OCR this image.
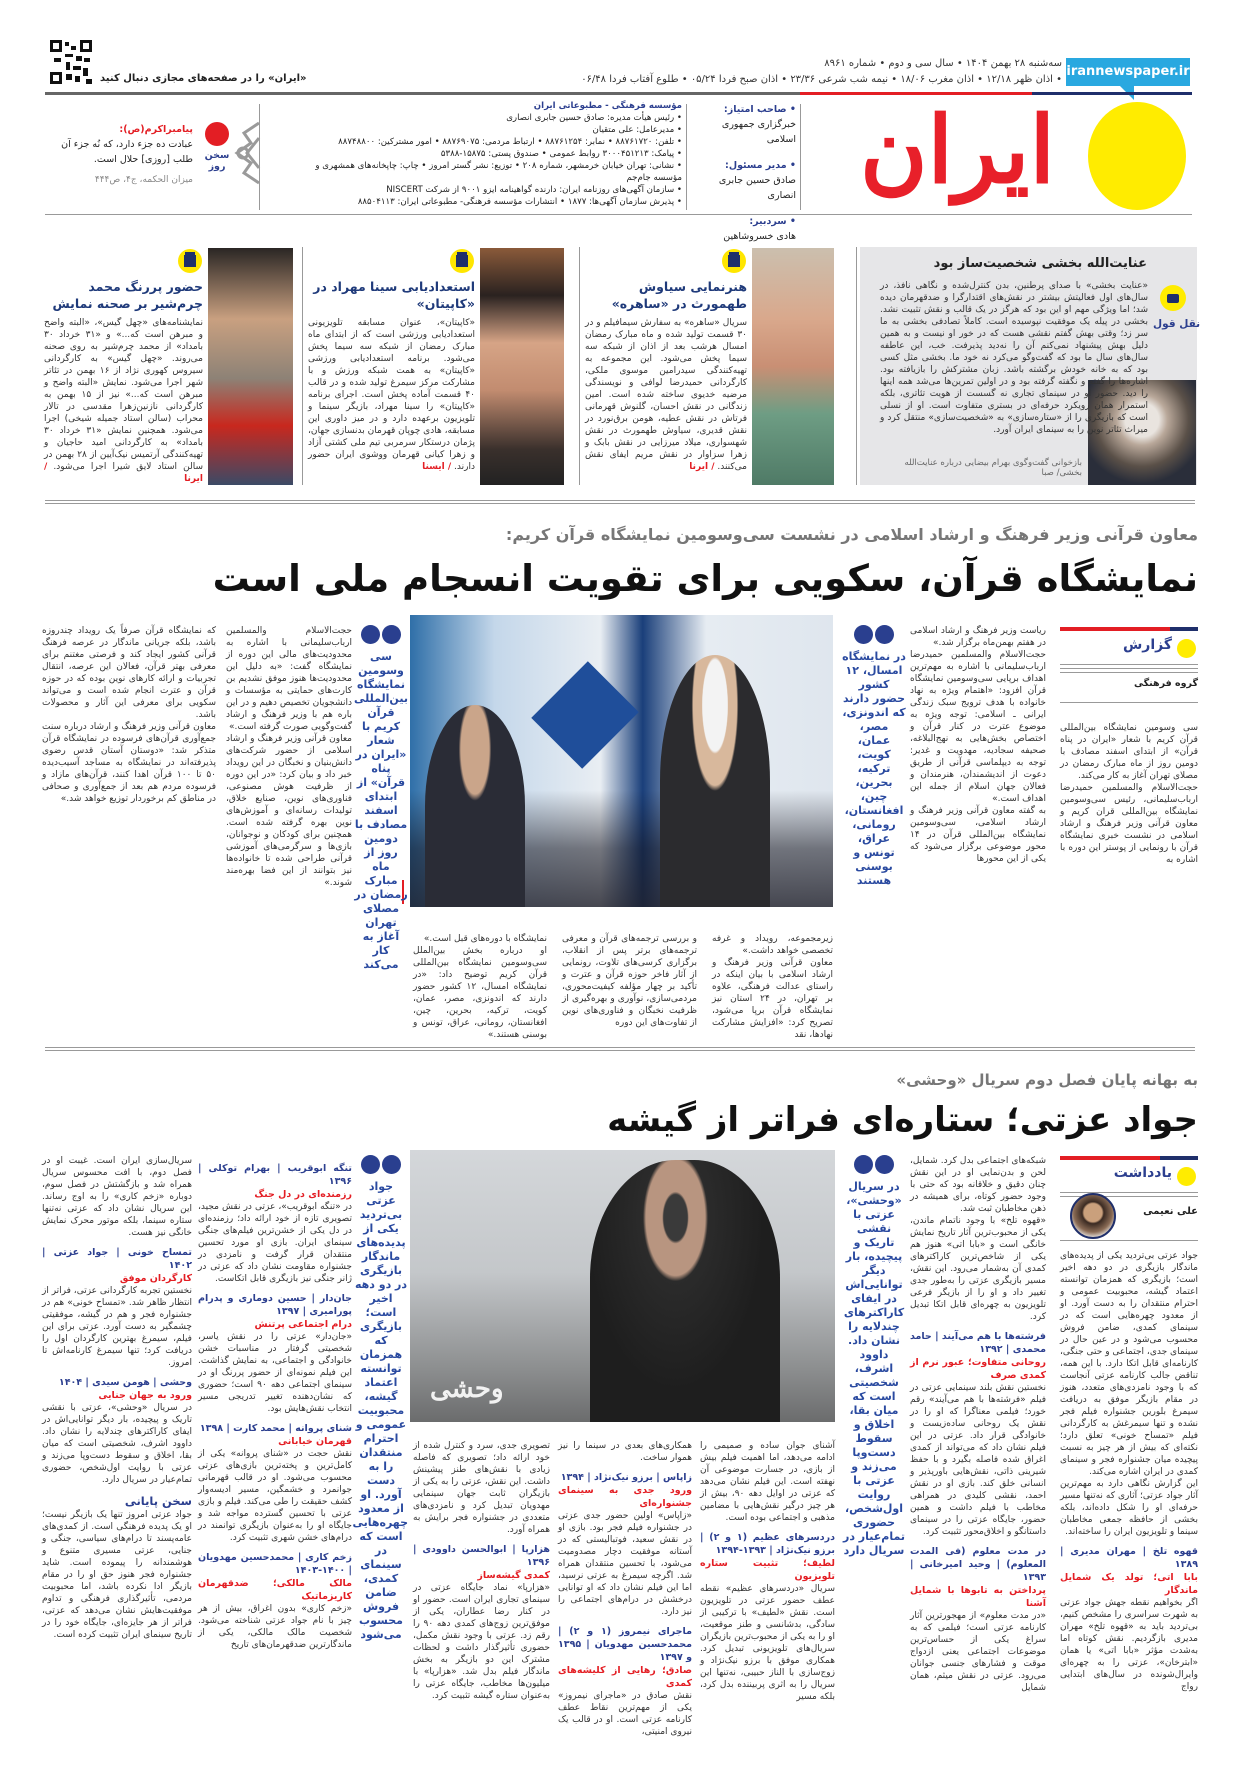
irannewspaper.ir
سه‌شنبه ۲۸ بهمن ۱۴۰۴ • سال سی و دوم • شماره ۸۹۶۱
• اذان ظهر ۱۲/۱۸ • اذان مغرب ۱۸/۰۶ • نیمه شب شرعی ۲۳/۳۶ • اذان صبح فردا ۰۵/۲۴ • طلوع آفتاب فردا ۰۶/۴۸
«ایران» را در صفحه‌های مجازی دنبال کنید
ایران
• صاحب امتیاز:
خبرگزاری جمهوری اسلامی
• مدیر مسئول:
صادق حسین جابری انصاری
• سردبیر:
هادی خسروشاهین
مؤسسه فرهنگی - مطبوعاتی ایران
• رئیس هیأت مدیره: صادق حسین جابری انصاری
• مدیرعامل: علی متقیان
• تلفن: ۸۸۷۶۱۷۲۰ • نمابر: ۸۸۷۶۱۲۵۴ • ارتباط مردمی: ۸۸۷۶۹۰۷۵ • امور مشترکین: ۸۸۷۴۸۸۰۰
• پیامک: ۳۰۰۰۴۵۱۲۱۳ روابط عمومی • صندوق پستی: ۱۵۸۷۵-۵۳۸۸
• نشانی: تهران خیابان خرمشهر، شماره ۲۰۸ • توزیع: نشر گستر امروز • چاپ: چاپخانه‌های همشهری و مؤسسه جام‌جم
• سازمان آگهی‌های روزنامه ایران: دارنده گواهینامه ایزو ۹۰۰۱ از شرکت NISCERT
• پذیرش سازمان آگهی‌ها: ۱۸۷۷ • انتشارات مؤسسه فرهنگی- مطبوعاتی ایران: ۸۸۵۰۴۱۱۳
سخن روز
پیامبراکرم(ص):
عبادت ده جزء دارد، که نُه جزء آن طلب [روزی] حلال است.
میزان الحکمه، ج۴، ص۴۴۴
نقل قول
عنایت‌الله بخشی شخصیت‌ساز بود
«عنایت بخشی» با صدای پرطنین، بدن کنترل‌شده و نگاهی نافذ، در سال‌های اول فعالیتش بیشتر در نقش‌های اقتدارگرا و ضدقهرمان دیده شد؛ اما ویژگی مهم او این بود که هرگز در یک قالب و نقش تثبیت نشد. بخشی در پیله یک موفقیت نپوسیده است. کاملاً تصادفی بخشی به ما سر زد؛ وقتی بهش گفتم نقشی هست که در خور او نیست و به همین دلیل بهش پیشنهاد نمی‌کنم آن را نه‌دید پذیرفت. خب، این عاطفه سال‌های سال ما بود که گفت‌وگو می‌کرد نه خود ما. بخشی مثل کسی بود که به خانه خودش برگشته باشد. زبان مشترکش را بازیافته بود. اشاره‌ها را گفته و نگفته گرفته بود و در اولین تمرین‌ها می‌شد همه اینها را دید. حضور او در سینمای تجاری نه گسست از هویت تئاتری، بلکه استمرار همان رویکرد حرفه‌ای در بستری متفاوت است. او از نسلی است که بازیگری را از «ستاره‌سازی» به «شخصیت‌سازی» منتقل کرد و میراث تئاتر نوین را به سینمای ایران آورد.
بازخوانی گفت‌وگوی بهرام بیضایی درباره عنایت‌الله بخشی/ صبا
هنرنمایی سیاوش طهمورث در «ساهره»
سریال «ساهره» به سفارش سیمافیلم و در ۳۰ قسمت تولید شده و ماه مبارک رمضان امسال هرشب بعد از اذان از شبکه سه سیما پخش می‌شود. این مجموعه به تهیه‌کنندگی سیدرامین موسوی ملکی، کارگردانی حمیدرضا لوافی و نویسندگی مرضیه خدیوی ساخته شده است. امین زندگانی در نقش احسان، گلنوش قهرمانی فرتاش در نقش عطیه، هومن برق‌نورد در نقش قدیری، سیاوش طهمورث در نقش شهسواری، میلاد میرزایی در نقش بابک و زهرا سزاوار در نقش مریم ایفای نقش می‌کنند. / ایرنا
استعدادیابی سینا مهراد در «کاپیتان»
«کاپیتان»، عنوان مسابقه تلویزیونی استعدادیابی ورزشی است که از ابتدای ماه مبارک رمضان از شبکه سه سیما پخش می‌شود. برنامه استعدادیابی ورزشی «کاپیتان» به همت شبکه ورزش و با مشارکت مرکز سیمرغ تولید شده و در قالب ۴۰ قسمت آماده پخش است. اجرای برنامه «کاپیتان» را سینا مهراد، بازیگر سینما و تلویزیون برعهده دارد و در میز داوری این مسابقه، هادی چوپان قهرمان بدنسازی جهان، پژمان درستکار سرمربی تیم ملی کشتی آزاد و زهرا کیانی قهرمان ووشوی ایران حضور دارند. / ایسنا
حضور پررنگ محمد چرم‌شیر بر صحنه نمایش
نمایشنامه‌های «چهل گیس»، «البته واضح و مبرهن است که...» و «۳۱ خرداد ۳۰ بامداد» از محمد چرم‌شیر به روی صحنه می‌روند. «چهل گیس» به کارگردانی سیروس کهوری نژاد از ۱۶ بهمن در تئاتر شهر اجرا می‌شود. نمایش «البته واضح و مبرهن است که...» نیز از ۱۵ بهمن به کارگردانی نازنین‌زهرا مقدسی در تالار محراب (سالن استاد جمیله شیخی) اجرا می‌شود. همچنین نمایش «۳۱ خرداد ۳۰ بامداد» به کارگردانی امید حاجیان و تهیه‌کنندگی آرتمیس نیک‌آیین از ۲۸ بهمن در سالن استاد لایق شیرا اجرا می‌شود. / ایرنا
معاون قرآنی وزیر فرهنگ و ارشاد اسلامی در نشست سی‌وسومین نمایشگاه قرآن کریم:
نمایشگاه قرآن، سکویی برای تقویت انسجام ملی است
گزارش
گروه فرهنگی
سی وسومین نمایشگاه بین‌المللی قرآن کریم با شعار «ایران در پناه قرآن» از ابتدای اسفند مصادف با دومین روز از ماه مبارک رمضان در مصلای تهران آغاز به کار می‌کند.
حجت‌الاسلام والمسلمین حمیدرضا ارباب‌سلیمانی، رئیس سی‌وسومین نمایشگاه بین‌المللی قران کریم و معاون قرآنی وزیر فرهنگ و ارشاد اسلامی در نشست خبری نمایشگاه قرآن با رونمایی از پوستر این دوره با اشاره به
ریاست وزیر فرهنگ و ارشاد اسلامی در هفتم بهمن‌ماه برگزار شد.»
حجت‌الاسلام والمسلمین حمیدرضا ارباب‌سلیمانی با اشاره به مهم‌ترین اهداف برپایی سی‌وسومین نمایشگاه قرآن افزود: «اهتمام ویژه به نهاد خانواده با هدف ترویج سبک زندگی ایرانی ـ اسلامی: توجه ویژه به موضوع عترت در کنار قرآن و اختصاص بخش‌هایی به نهج‌البلاغه، صحیفه سجادیه، مهدویت و غدیر: توجه به دیپلماسی قرآنی از طریق دعوت از اندیشمندان، هنرمندان و فعالان جهان اسلام از جمله این اهداف است.»
به گفته معاون قرآنی وزیر فرهنگ و ارشاد اسلامی، سی‌وسومین نمایشگاه بین‌المللی قرآن در ۱۴ محور موضوعی برگزار می‌شود که یکی از این محورها
در نمایشگاه امسال، ۱۲ کشور حضور دارند که اندونزی، مصر، عمان، کویت، ترکیه، بحرین، چین، افغانستان، رومانی، عراق، تونس و بوسنی هستند
زیرمجموعه، رویداد و غرفه تخصصی خواهد داشت.»
معاون قرآنی وزیر فرهنگ و ارشاد اسلامی با بیان اینکه در راستای عدالت فرهنگی، علاوه بر تهران، در ۲۴ استان نیز نمایشگاه قرآن برپا می‌شود، تصریح کرد: «افزایش مشارکت نهادها، نقد
و بررسی ترجمه‌های قرآن و معرفی ترجمه‌های برتر پس از انقلاب، برگزاری کرسی‌های تلاوت، رونمایی از آثار فاخر حوزه قرآن و عترت و تأکید بر چهار مؤلفه کیفیت‌محوری، مردمی‌سازی، نوآوری و بهره‌گیری از ظرفیت نخبگان و فناوری‌های نوین از تفاوت‌های این دوره
نمایشگاه با دوره‌های قبل است.»
او درباره بخش بین‌الملل سی‌وسومین نمایشگاه بین‌المللی قرآن کریم توضیح داد: «در نمایشگاه امسال، ۱۲ کشور حضور دارند که اندونزی، مصر، عمان، کویت، ترکیه، بحرین، چین، افغانستان، رومانی، عراق، تونس و بوسنی هستند.»
سی وسومین نمایشگاه بین‌المللی قرآن کریم با شعار «ایران در پناه قرآن» از ابتدای اسفند مصادف با دومین روز از ماه مبارک رمضان در مصلای تهران آغاز به کار می‌کند
حجت‌الاسلام والمسلمین ارباب‌سلیمانی با اشاره به محدودیت‌های مالی این دوره از نمایشگاه گفت: «به دلیل این محدودیت‌ها هنوز موفق نشدیم بن کارت‌های حمایتی به مؤسسات و دانشجویان تخصیص دهیم و در این باره هم با وزیر فرهنگ و ارشاد گفت‌وگویی صورت گرفته است.»
معاون قرآنی وزیر فرهنگ و ارشاد اسلامی از حضور شرکت‌های دانش‌بنیان و نخبگان در این رویداد خبر داد و بیان کرد: «در این دوره از ظرفیت هوش مصنوعی، فناوری‌های نوین، صنایع خلاق، تولیدات رسانه‌ای و آموزش‌های نوین بهره گرفته شده است. همچنین برای کودکان و نوجوانان، بازی‌ها و سرگرمی‌های آموزشی قرآنی طراحی شده تا خانواده‌ها نیز بتوانند از این فضا بهره‌مند شوند.»
که نمایشگاه قرآن صرفاً یک رویداد چندروزه باشد، بلکه جریانی ماندگار در عرصه فرهنگ قرآنی کشور ایجاد کند و فرصتی مغتنم برای معرفی بهتر قرآن، فعالان این عرصه، انتقال تجربیات و ارائه کارهای نوین بوده که در حوزه قرآن و عترت انجام شده است و می‌تواند سکویی برای معرفی این آثار و محصولات باشد.
معاون قرآنی وزیر فرهنگ و ارشاد درباره سنت جمع‌آوری قرآن‌های فرسوده در نمایشگاه قرآن متذکر شد: «دوستان آستان قدس رضوی پذیرفته‌اند در نمایشگاه به مساجد آسیب‌دیده ۵۰ تا ۱۰۰ قرآن اهدا کنند، قرآن‌های مازاد و فرسوده مردم هم بعد از جمع‌آوری و صحافی در مناطق کم برخوردار توزیع خواهد شد.»
به بهانه پایان فصل دوم سریال «وحشی»
جواد عزتی؛ ستاره‌ای فراتر از گیشه
یادداشت
علی نعیمی
جواد عزتی بی‌تردید یکی از پدیده‌های ماندگار بازیگری در دو دهه اخیر است؛ بازیگری که همزمان توانسته اعتماد گیشه، محبوبیت عمومی و احترام منتقدان را به دست آورد. او از معدود چهره‌هایی است که در سینمای کمدی، ضامن فروش محسوب می‌شود و در عین حال در سینمای جدی، اجتماعی و حتی جنگی، کارنامه‌ای قابل اتکا دارد. با این همه، تناقض جالب کارنامه عزتی آنجاست که با وجود نامزدی‌های متعدد، هنوز در مقام بازیگر موفق به دریافت سیمرغ بلورین جشنواره فیلم فجر نشده و تنها سیمرغش به کارگردانی فیلم «تمساح خونی» تعلق دارد؛ نکته‌ای که بیش از هر چیز به نسبت پیچیده میان جشنواره فجر و سینمای کمدی در ایران اشاره می‌کند.
این گزارش نگاهی دارد به مهم‌ترین آثار جواد عزتی؛ آثاری که نه‌تنها مسیر حرفه‌ای او را شکل داده‌اند، بلکه بخشی از حافظه جمعی مخاطبان سینما و تلویزیون ایران را ساخته‌اند.
قهوه تلخ | مهران مدیری | ۱۳۸۹
بابا اتی؛ تولد یک شمایل ماندگار
اگر بخواهیم نقطه جهش جواد عزتی به شهرت سراسری را مشخص کنیم، بی‌تردید باید به «قهوه تلخ» مهران مدیری بازگردیم. نقش کوتاه اما به‌شدت مؤثر «بابا اتی» یا همان «ابترخان»، عزتی را به چهره‌ای وایرال‌شونده در سال‌های ابتدایی رواج
شبکه‌های اجتماعی بدل کرد. شمایل، لحن و بدن‌نمایی او در این نقش چنان دقیق و خلاقانه بود که حتی با وجود حضور کوتاه، برای همیشه در ذهن مخاطبان ثبت شد.
«قهوه تلخ» با وجود ناتمام ماندن، یکی از محبوب‌ترین آثار تاریخ نمایش خانگی است و «بابا اتی» هنوز هم یکی از شاخص‌ترین کاراکترهای کمدی آن به‌شمار می‌رود. این نقش، مسیر بازیگری عزتی را به‌طور جدی تغییر داد و او را از بازیگر فرعی تلویزیون به چهره‌ای قابل اتکا تبدیل کرد.
فرشته‌ها با هم می‌آیند | حامد محمدی | ۱۳۹۲
روحانی متفاوت؛ عبور نرم از کمدی صرف
نخستین نقش بلند سینمایی عزتی در فیلم «فرشته‌ها با هم می‌آیند» رقم خورد؛ فیلمی معناگرا که او را در نقش یک روحانی ساده‌زیست و خانوادگی قرار داد. عزتی در این فیلم نشان داد که می‌تواند از کمدی اغراق شده فاصله بگیرد و با حفظ شیرینی ذاتی، نقش‌هایی باورپذیر و انسانی خلق کند. بازی او در نقش احمد، نقشی کلیدی در همراهی مخاطب با فیلم داشت و همین حضور، جایگاه عزتی را در سینمای داستانگو و اخلاق‌محور تثبیت کرد.
در مدت معلوم (فی المدت المعلوم) | وحید امیرخانی | ۱۳۹۳
پرداختن به تابوها با شمایل آشنا
«در مدت معلوم» از مهجورترین آثار کارنامه عزتی است؛ فیلمی که به سراغ یکی از حساس‌ترین موضوعات اجتماعی یعنی ازدواج موقت و فشارهای جنسی جوانان می‌رود. عزتی در نقش میثم، همان شمایل
در سریال «وحشی»، عزتی با نقشی تاریک و پیچیده، بار دیگر توانایی‌اش در ایفای کاراکترهای چندلایه را نشان داد. داوود اشرف، شخصیتی است که میان بقا، اخلاق و سقوط دست‌وپا می‌زند و عزتی با روایت اول‌شخص، حضوری تمام‌عیار در سریال دارد
وحشی
آشنای جوان ساده و صمیمی را ادامه می‌دهد، اما اهمیت فیلم بیش از بازی، در جسارت موضوعی آن نهفته است. این فیلم نشان می‌دهد که عزتی در اوایل دهه ۹۰، بیش از هر چیز درگیر نقش‌هایی با مضامین مذهبی و اجتماعی بوده است.
دردسرهای عظیم (۱ و ۲) | برزو نیک‌نژاد | ۱۳۹۳-۱۳۹۴
لطیف؛ تثبیت ستاره تلویزیون
سریال «دردسرهای عظیم» نقطه عطف حضور عزتی در تلویزیون است. نقش «لطیف» با ترکیبی از سادگی، بدشانسی و طنز موقعیت، او را به یکی از محبوب‌ترین بازیگران سریال‌های تلویزیونی تبدیل کرد. همکاری موفق با برزو نیک‌نژاد و زوج‌سازی با الناز حبیبی، نه‌تنها این سریال را به اثری پربیننده بدل کرد، بلکه مسیر
همکاری‌های بعدی در سینما را نیز هموار ساخت.
زاپاس | برزو نیک‌نژاد | ۱۳۹۴
ورود جدی به سینمای جشنواره‌ای
«زاپاس» اولین حضور جدی عزتی در جشنواره فیلم فجر بود. بازی او در نقش سعید، فوتبالیستی که در آستانه موفقیت دچار مصدومیت می‌شود، با تحسین منتقدان همراه شد. اگرچه سیمرغ به عزتی نرسید، اما این فیلم نشان داد که او توانایی درخشش در درام‌های اجتماعی را نیز دارد.
ماجرای نیمروز (۱ و ۲) | محمدحسین مهدویان | ۱۳۹۵ و ۱۳۹۷
صادق؛ رهایی از کلیشه‌های کمدی
نقش صادق در «ماجرای نیمروز» یکی از مهم‌ترین نقاط عطف کارنامه عزتی است. او در قالب یک نیروی امنیتی،
تصویری جدی، سرد و کنترل شده از خود ارائه داد؛ تصویری که فاصله زیادی با نقش‌های طنز پیشینش داشت. این نقش، عزتی را به یکی از بازیگران ثابت جهان سینمایی مهدویان تبدیل کرد و نامزدی‌های متعددی در جشنواره فجر برایش به همراه آورد.
هزارپا | ابوالحسن داوودی | ۱۳۹۶
کمدی گیشه‌ساز
«هزارپا» نماد جایگاه عزتی در سینمای تجاری ایران است. حضور او در کنار رضا عطاران، یکی از موفق‌ترین زوج‌های کمدی دهه ۹۰ را رقم زد. عزتی با وجود نقش مکمل، حضوری تأثیرگذار داشت و لحظات مشترک این دو بازیگر به بخش ماندگار فیلم بدل شد. «هزارپا» با میلیون‌ها مخاطب، جایگاه عزتی را به‌عنوان ستاره گیشه تثبیت کرد.
جواد عزتی بی‌تردید یکی از پدیده‌های ماندگار بازیگری در دو دهه اخیر است؛ بازیگری که همزمان توانسته اعتماد گیشه، محبوبیت عمومی و احترام منتقدان را به دست آورد. او از معدود چهره‌هایی است که در سینمای کمدی، ضامن فروش محسوب می‌شود
تنگه ابوقریب | بهرام توکلی | ۱۳۹۶
رزمنده‌ای در دل جنگ
در «تنگه ابوقریب»، عزتی در نقش مجید، تصویری تازه از خود ارائه داد؛ رزمنده‌ای در دل یکی از خشن‌ترین فیلم‌های جنگی سینمای ایران. بازی او مورد تحسین منتقدان قرار گرفت و نامزدی در جشنواره مقاومت نشان داد که عزتی در ژانر جنگی نیز بازیگری قابل اتکاست.
جان‌دار | حسین دوماری و پدرام پورامیری | ۱۳۹۷
درام اجتماعی پرتنش
«جان‌دار» عزتی را در نقش یاسر، شخصیتی گرفتار در مناسبات خشن خانوادگی و اجتماعی، به نمایش گذاشت. این فیلم نمونه‌ای از حضور پررنگ او در سینمای اجتماعی دهه ۹۰ است؛ حضوری که نشان‌دهنده تغییر تدریجی مسیر انتخاب نقش‌هایش بود.
شنای پروانه | محمد کارت | ۱۳۹۸
قهرمان خیابانی
نقش حجت در «شنای پروانه» یکی از کامل‌ترین و پخته‌ترین بازی‌های عزتی محسوب می‌شود. او در قالب قهرمانی جوانمرد و خشمگین، مسیر ادیسه‌وار کشف حقیقت را طی می‌کند. فیلم و بازی عزتی با تحسین گسترده مواجه شد و جایگاه او را به‌عنوان بازیگری توانمند در درام‌های خشن شهری تثبیت کرد.
زخم کاری | محمدحسین مهدویان | ۱۴۰۰-۱۴۰۳
مالک مالکی؛ ضدقهرمان کاریزماتیک
«زخم کاری» بدون اغراق، بیش از هر چیز با نام جواد عزتی شناخته می‌شود. شخصیت مالک مالکی، یکی از ماندگارترین ضدقهرمان‌های تاریخ
سریال‌سازی ایران است. غیبت او در فصل دوم، با افت محسوس سریال همراه شد و بازگشتش در فصل سوم، دوباره «زخم کاری» را به اوج رساند. این سریال نشان داد که عزتی نه‌تنها ستاره سینما، بلکه موتور محرک نمایش خانگی نیز هست.
تمساح خونی | جواد عزتی | ۱۴۰۲
کارگردان موفق
نخستین تجربه کارگردانی عزتی، فراتر از انتظار ظاهر شد. «تمساح خونی» هم در جشنواره فجر و هم در گیشه، موفقیتی چشمگیر به دست آورد. عزتی برای این فیلم، سیمرغ بهترین کارگردان اول را دریافت کرد؛ تنها سیمرغ کارنامه‌اش تا امروز.
وحشی | هومن سیدی | ۱۴۰۴
ورود به جهان جنایی
در سریال «وحشی»، عزتی با نقشی تاریک و پیچیده، بار دیگر توانایی‌اش در ایفای کاراکترهای چندلایه را نشان داد. داوود اشرف، شخصیتی است که میان بقا، اخلاق و سقوط دست‌وپا می‌زند و عزتی با روایت اول‌شخص، حضوری تمام‌عیار در سریال دارد.
سخن پایانی
جواد عزتی امروز تنها یک بازیگر نیست؛ او یک پدیده فرهنگی است. از کمدی‌های عامه‌پسند تا درام‌های سیاسی، جنگی و جنایی، عزتی مسیری متنوع و هوشمندانه را پیموده است. شاید جشنواره فجر هنوز حق او را در مقام بازیگر ادا نکرده باشد، اما محبوبیت مردمی، تأثیرگذاری فرهنگی و تداوم موفقیت‌هایش نشان می‌دهد که عزتی، فراتر از هر جایزه‌ای، جایگاه خود را در تاریخ سینمای ایران تثبیت کرده است.
